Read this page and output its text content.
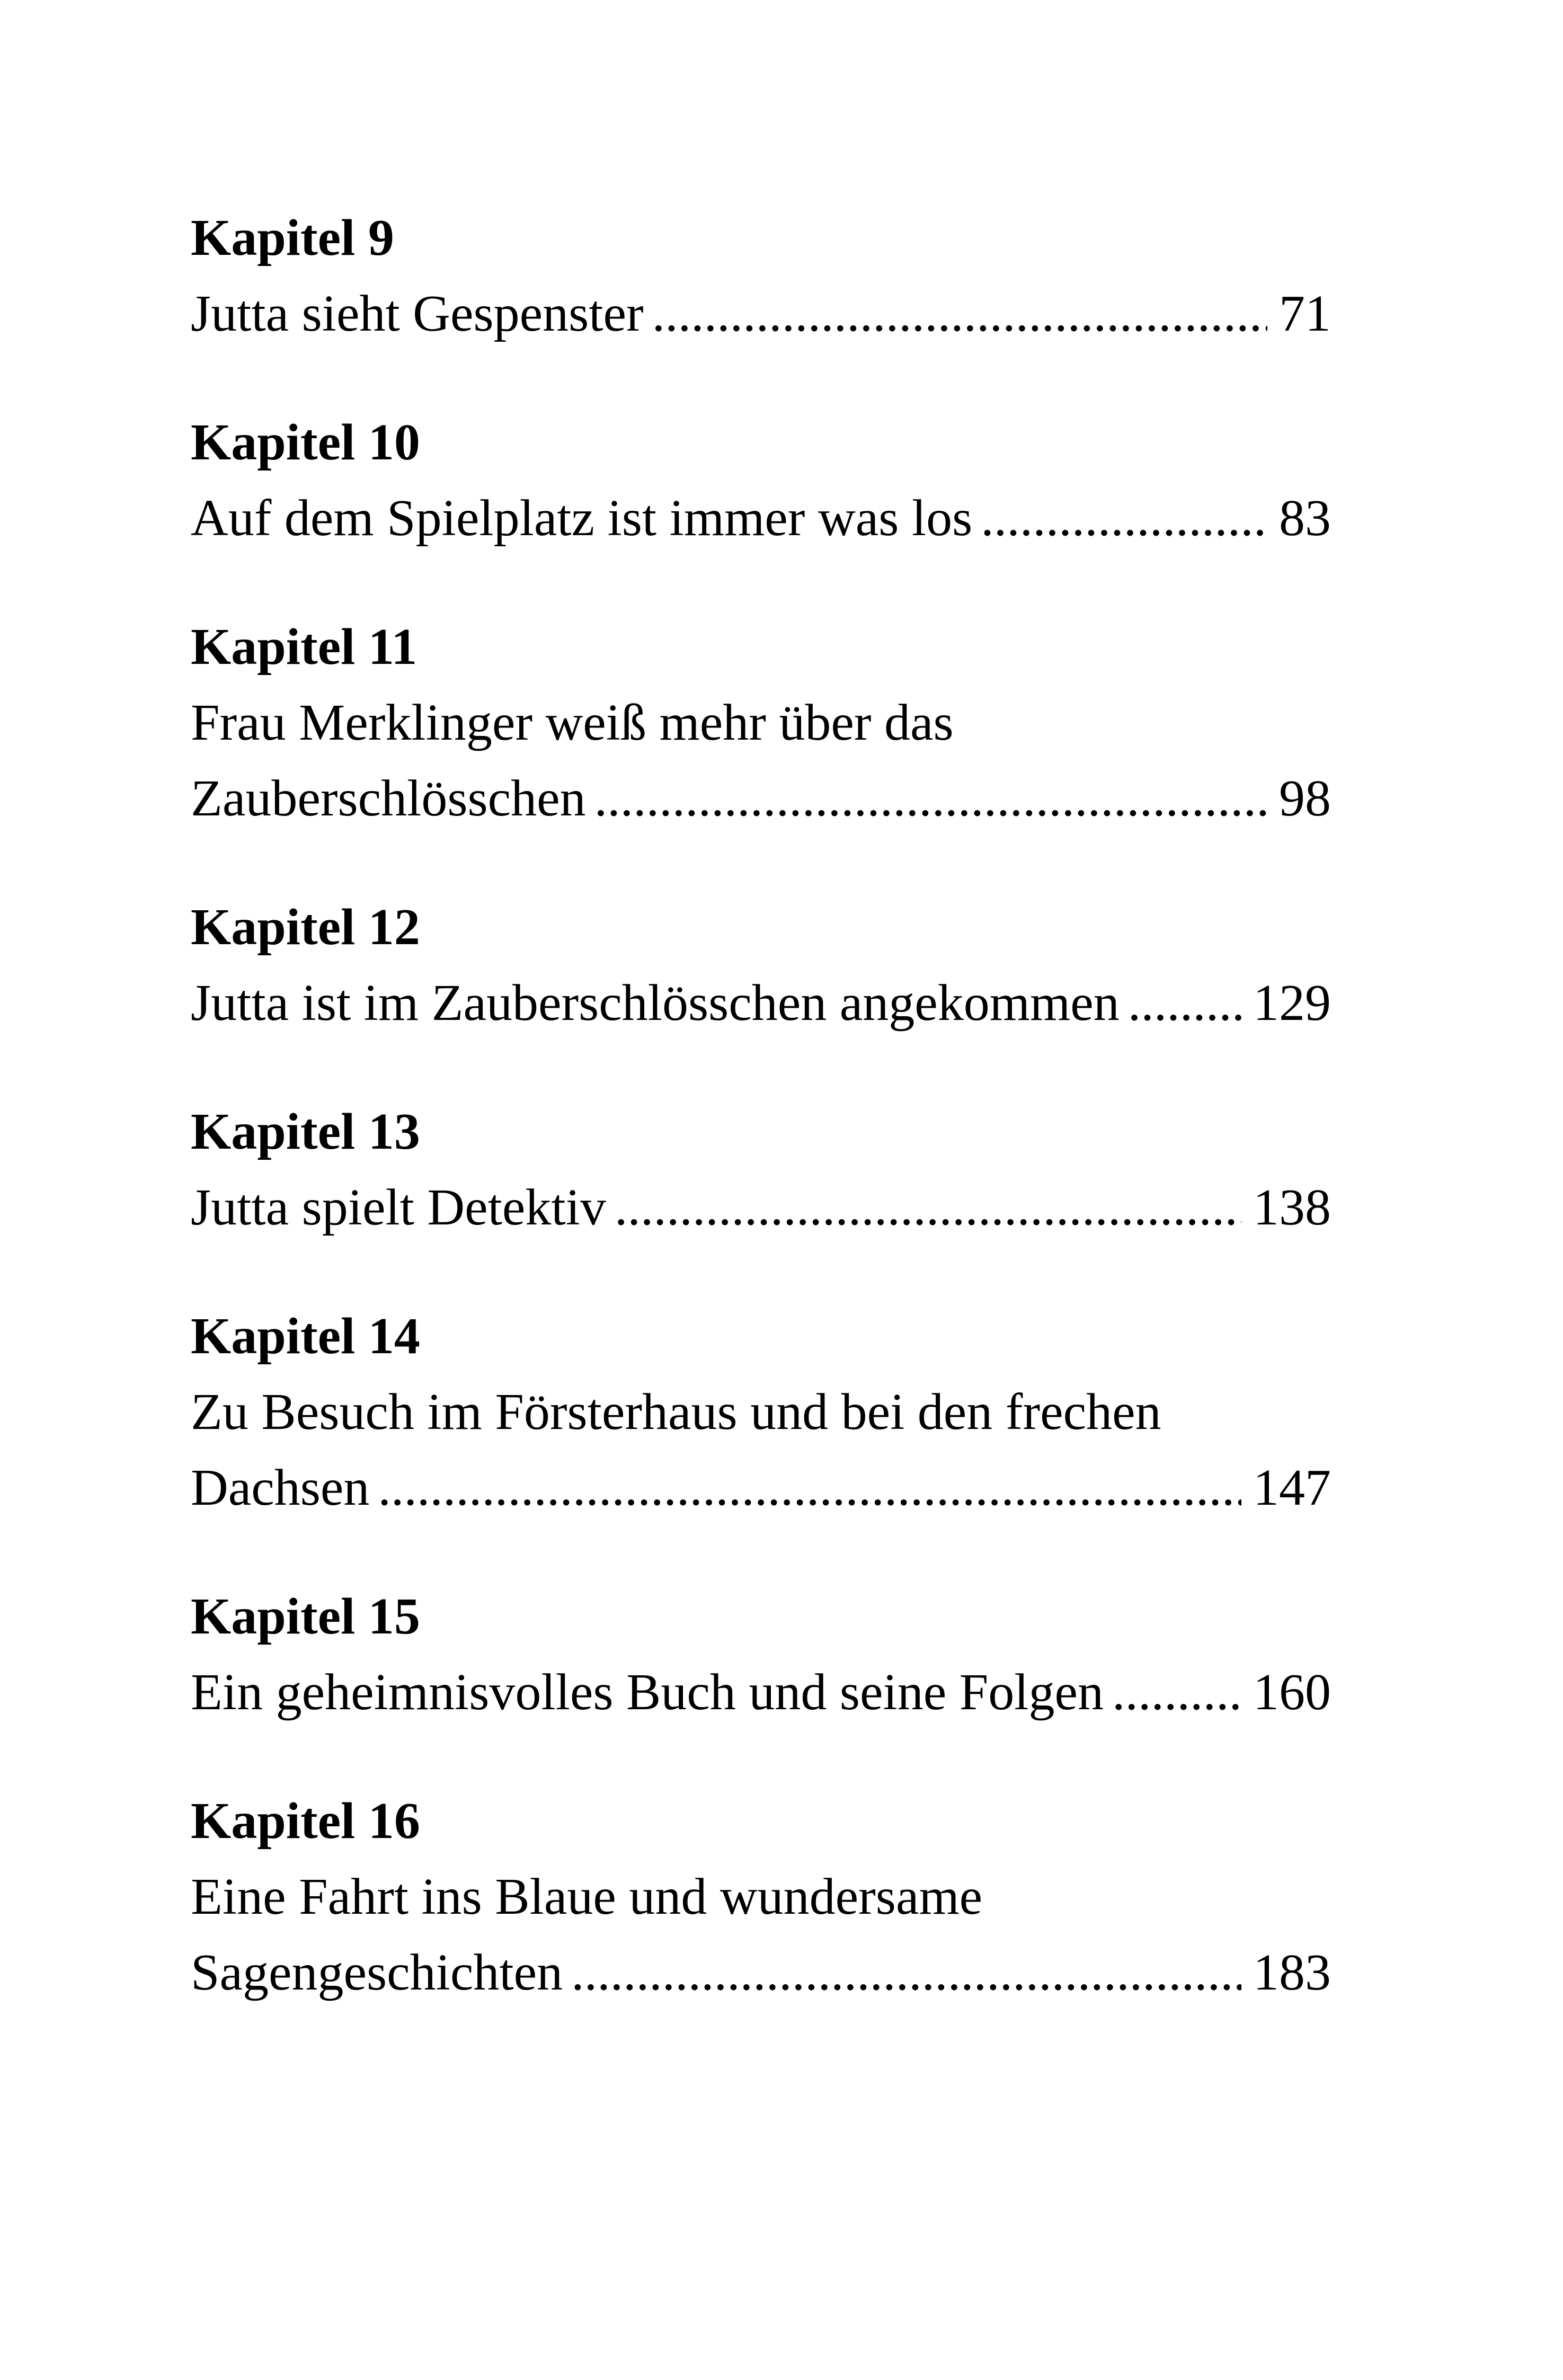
Kapitel 9
Jutta sieht Gespenster .....	71
Kapitel 10
Auf dem Spielplatz ist immer was los .....	83
Kapitel 11
Frau Merklinger weiß mehr über das
Zauberschlösschen .....	98
Kapitel 12
Jutta ist im Zauberschlösschen angekommen .....	129
Kapitel 13
Jutta spielt Detektiv .....	138
Kapitel 14
Zu Besuch im Försterhaus und bei den frechen
Dachsen .....	147
Kapitel 15
Ein geheimnisvolles Buch und seine Folgen .....	160
Kapitel 16
Eine Fahrt ins Blaue und wundersame
Sagengeschichten .....	183
